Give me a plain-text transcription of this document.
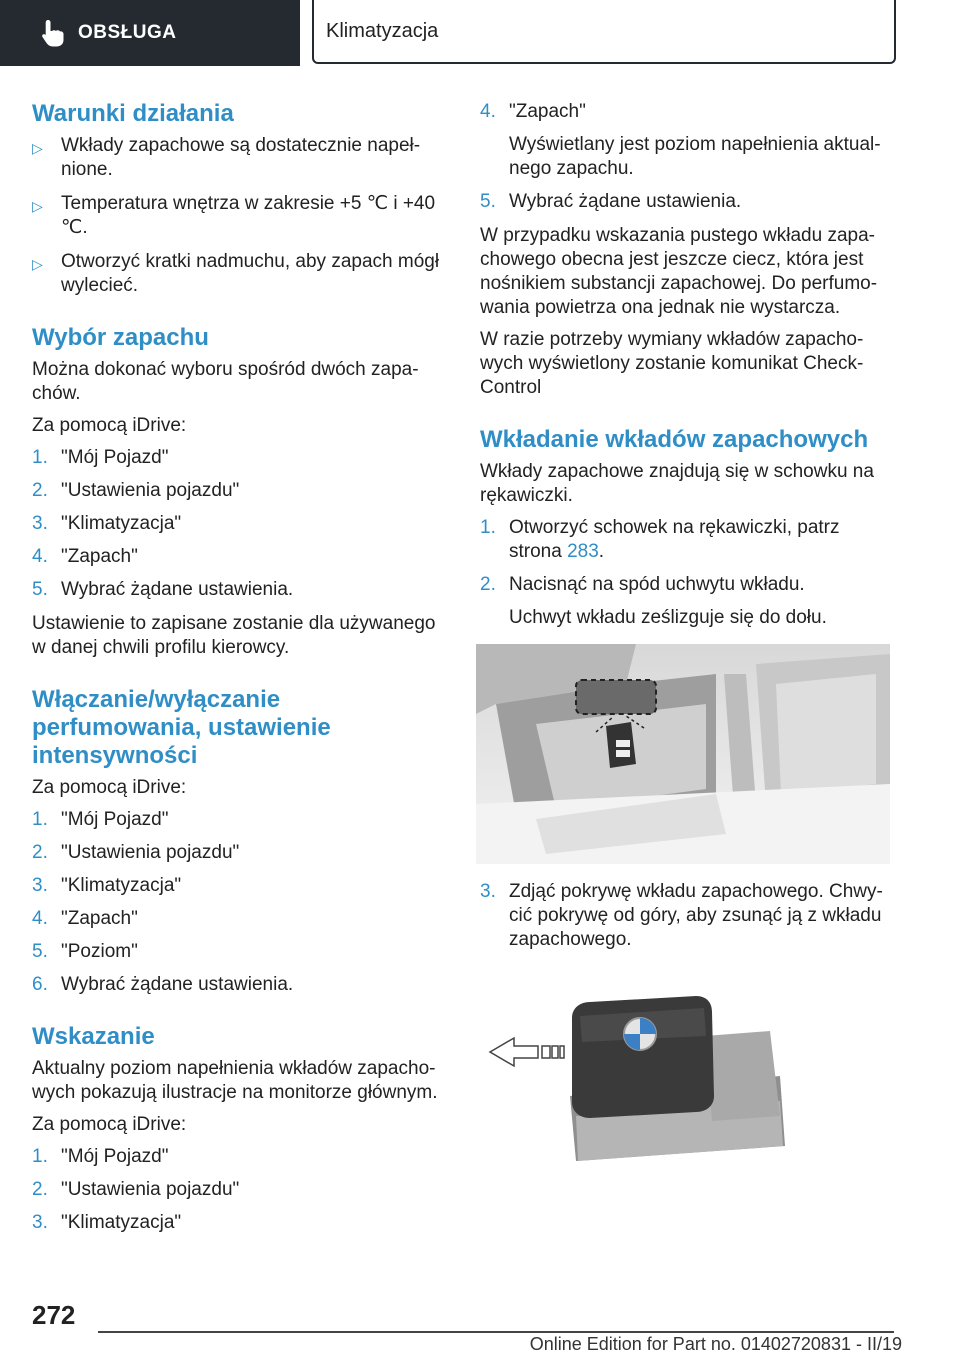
OBSŁUGA	Klimatyzacja
Warunki działania
▷ Wkłady zapachowe są dostatecznie napełnione.
▷ Temperatura wnętrza w zakresie +5 ℃ i +40 ℃.
▷ Otworzyć kratki nadmuchu, aby zapach mógł wylecieć.
Wybór zapachu

Można dokonać wyboru spośród dwóch zapachów.

Za pomocą iDrive:

1. "Mój Pojazd"
2. "Ustawienia pojazdu"
3. "Klimatyzacja"
4. "Zapach"
5. Wybrać żądane ustawienia.

Ustawienie to zapisane zostanie dla używanego w danej chwili profilu kierowcy.

Włączanie/wyłączanie perfumowania, ustawienie intensywności

Za pomocą iDrive:

1. "Mój Pojazd"
2. "Ustawienia pojazdu"
3. "Klimatyzacja"
4. "Zapach"
5. "Poziom"
6. Wybrać żądane ustawienia.
Wskazanie

Aktualny poziom napełnienia wkładów zapachowych pokazują ilustracje na monitorze głównym.

Za pomocą iDrive:

1. "Mój Pojazd"
2. "Ustawienia pojazdu"
3. "Klimatyzacja"
4. "Zapach"
Wyświetlany jest poziom napełnienia aktualnego zapachu.
5. Wybrać żądane ustawienia.

W przypadku wskazania pustego wkładu zapachowego obecna jest jeszcze ciecz, która jest nośnikiem substancji zapachowej. Do perfumowania powietrza ona jednak nie wystarcza.

W razie potrzeby wymiany wkładów zapachowych wyświetlony zostanie komunikat Check-Control

Wkładanie wkładów zapachowych

Wkłady zapachowe znajdują się w schowku na rękawiczki.

1. Otworzyć schowek na rękawiczki, patrz strona 283.
2. Nacisnąć na spód uchwytu wkładu.
Uchwyt wkładu ześlizguje się do dołu.
3. Zdjąć pokrywę wkładu zapachowego. Chwycić pokrywę od góry, aby zsunąć ją z wkładu zapachowego.
272
Online Edition for Part no. 01402720831 - II/19
